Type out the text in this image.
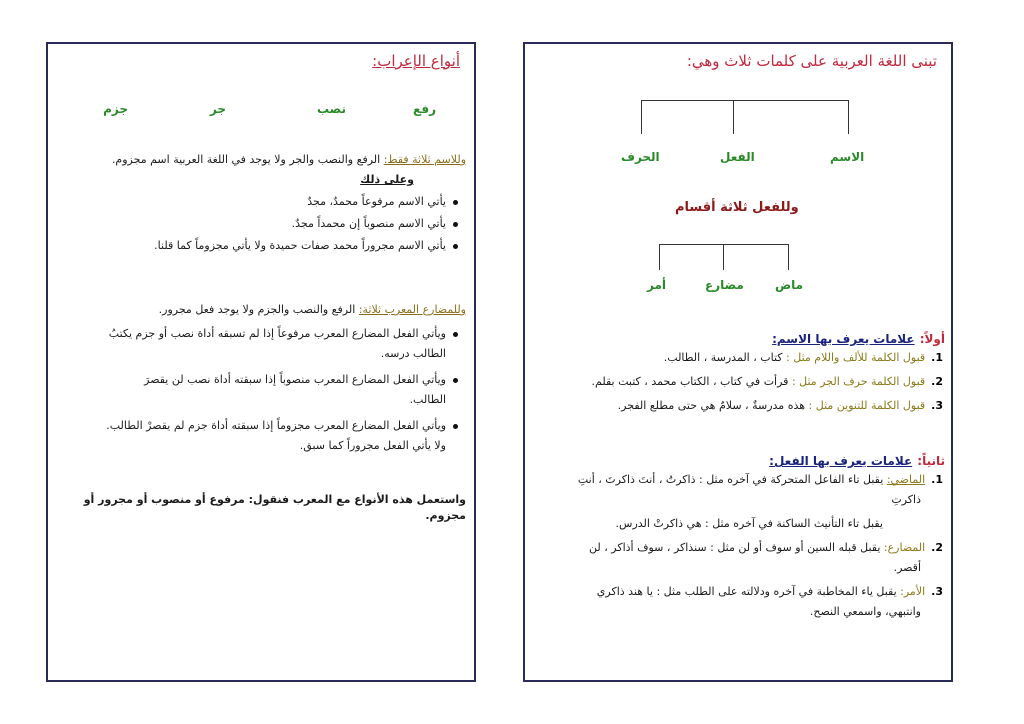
أنواع الإعراب:
رفع
نصب
جر
جزم
وللاسم ثلاثة فقط: الرفع والنصب والجر ولا يوجد في اللغة العربية اسم مجزوم.
وعلى ذلك
يأتي الاسم مرفوعاً محمدٌ، مجدٌ
يأتي الاسم منصوباً إن محمداً مجدٌ.
يأتي الاسم مجروراً محمد صفات حميدة ولا يأتي مجزوماً كما قلنا.
وللمضارع المعرب ثلاثة: الرفع والنصب والجزم ولا يوجد فعل مجرور.
ويأتي الفعل المضارع المعرب مرفوعاً إذا لم تسبقه أداة نصب أو جزم يكتبُ
الطالب درسه.
ويأتي الفعل المضارع المعرب منصوباً إذا سبقته أداة نصب لن يقصرَ
الطالب.
ويأتي الفعل المضارع المعرب مجزوماً إذا سبقته أداة جزم لم يقصرْ الطالب.
ولا يأتي الفعل مجروراً كما سبق.
واستعمل هذه الأنواع مع المعرب فنقول: مرفوع أو منصوب أو مجرور أو مجزوم.
تبنى اللغة العربية على كلمات ثلاث وهي:
الاسم
الفعل
الحرف
وللفعل ثلاثة أقسام
ماض
مضارع
أمر
أولاً: علامات يعرف بها الاسم:
1.قبول الكلمة للألف واللام مثل : كتاب ، المدرسة ، الطالب.
2.قبول الكلمة حرف الجر مثل : قرأت في كتاب ، الكتاب محمد ، كتبت بقلم.
3.قبول الكلمة للتنوين مثل : هذه مدرسةٌ ، سلامٌ هي حتى مطلع الفجر.
ثانياً: علامات يعرف بها الفعل:
1.الماضي: يقبل تاء الفاعل المتحركة في آخره مثل : ذاكرتُ ، أنتَ ذاكرتَ ، أنتِ
ذاكرتِ
يقبل تاء التأنيث الساكنة في آخره مثل : هي ذاكرتْ الدرس.
2.المضارع: يقبل قبله السين أو سوف أو لن مثل : سنذاكر ، سوف أذاكر ، لن
أقصر.
3.الأمر: يقبل ياء المخاطبة في آخره ودلالته على الطلب مثل : يا هند ذاكري
وانتبهي، واسمعي النصح.
